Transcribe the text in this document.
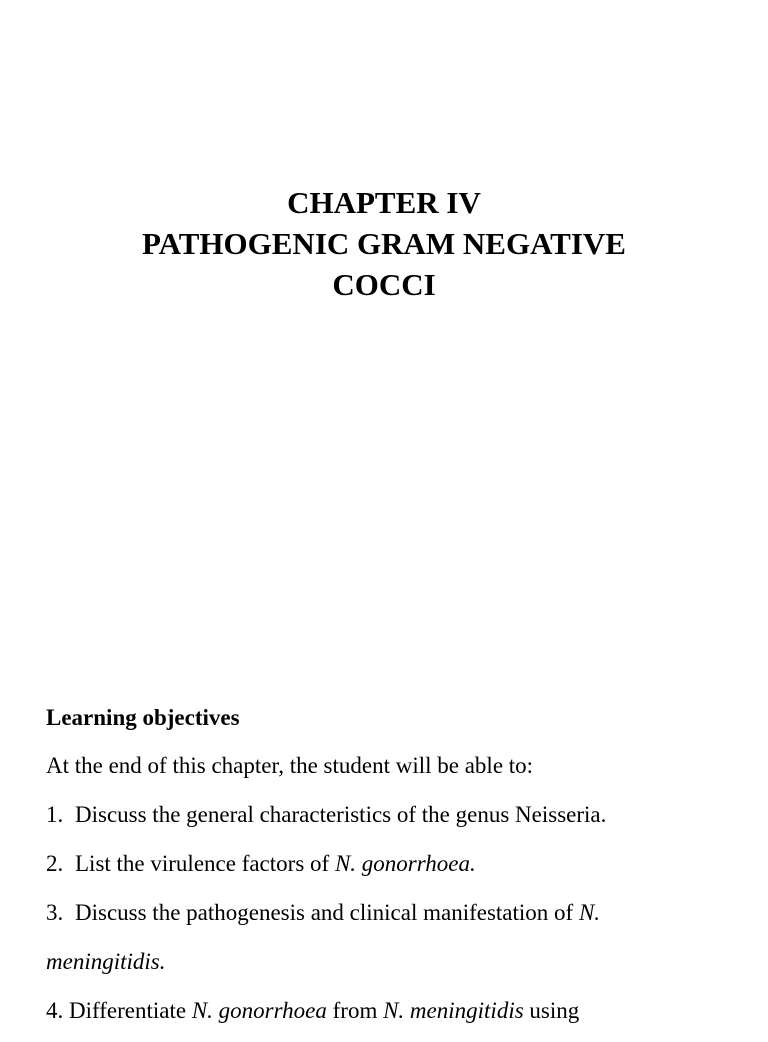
CHAPTER IV
PATHOGENIC GRAM NEGATIVE
COCCI
Learning objectives
At the end of this chapter, the student will be able to:
1. Discuss the general characteristics of the genus Neisseria.
2. List the virulence factors of N. gonorrhoea.
3. Discuss the pathogenesis and clinical manifestation of N.
meningitidis.
4. Differentiate N. gonorrhoea from N. meningitidis using
